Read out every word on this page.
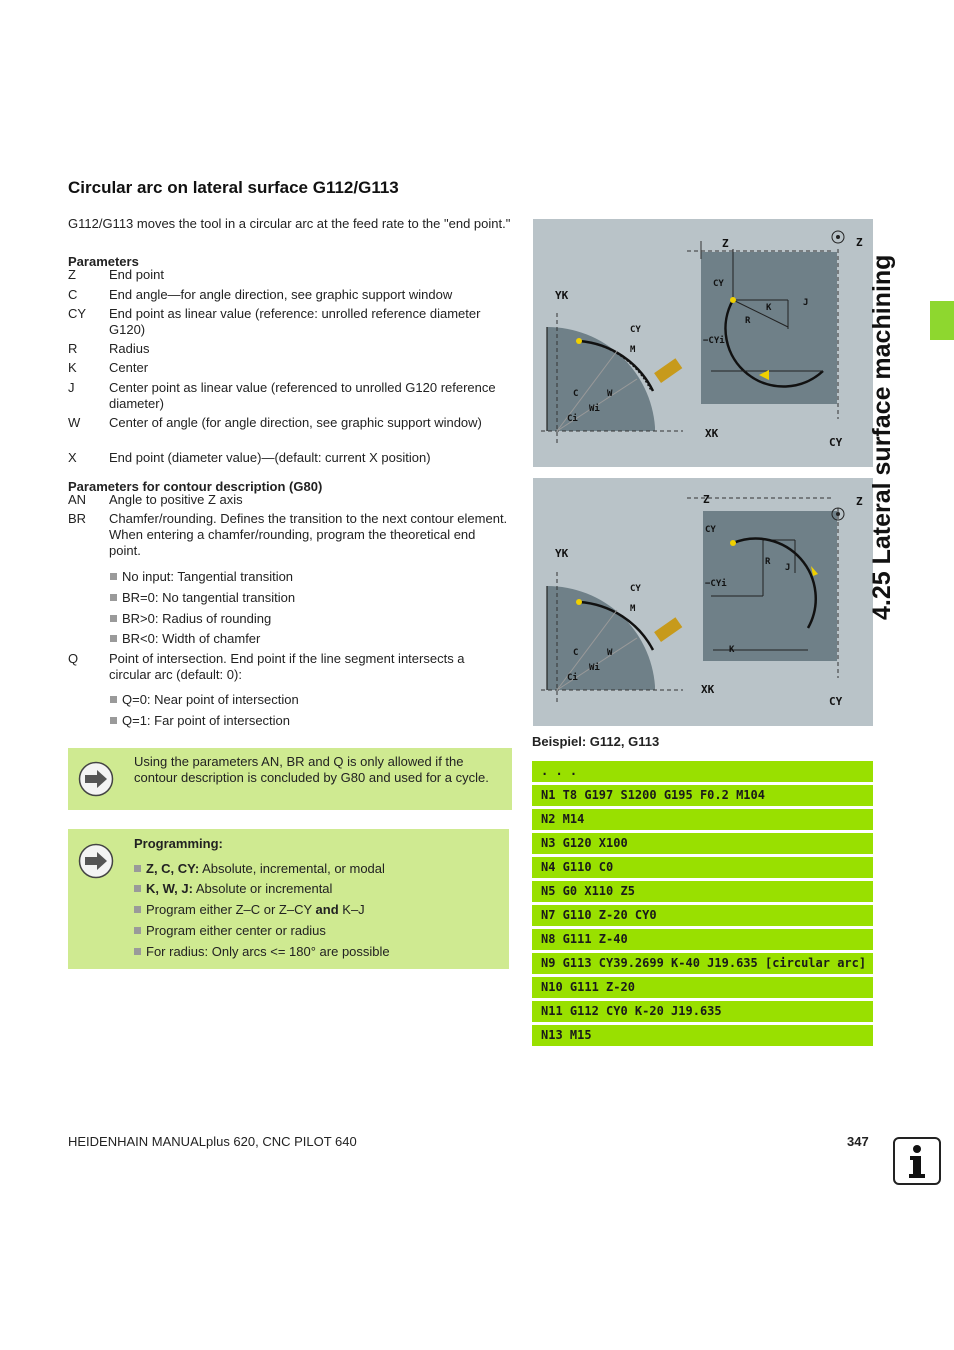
Circular arc on lateral surface G112/G113
G112/G113 moves the tool in a circular arc at the feed rate to the "end point."
Parameters
Z	End point
C End angle—for angle direction, see graphic support window
CY End point as linear value (reference: unrolled reference diameter G120)
R Radius
K Center
J	Center point as linear value (referenced to unrolled G120 reference diameter)
W Center of angle (for angle direction, see graphic support window)
X End point (diameter value)—(default: current X position)
Parameters for contour description (G80)
AN Angle to positive Z axis
BR Chamfer/rounding. Defines the transition to the next contour element. When entering a chamfer/rounding, program the theoretical end point.
Q Point of intersection. End point if the line segment intersects a circular arc (default: 0):
No input: Tangential transition
BR=0: No tangential transition
BR>0: Radius of rounding
BR<0: Width of chamfer
Q=0: Near point of intersection
Q=1: Far point of intersection
Using the parameters AN, BR and Q is only allowed if the contour description is concluded by G80 and used for a cycle.
Programming:
Z, C, CY: Absolute, incremental, or modal
K, W, J: Absolute or incremental
Program either Z–C or Z–CY and K–J
Program either center or radius
For radius: Only arcs <= 180° are possible
Z	Z
YK
XK
CY
CY
−CYi
K	J
R
CY
M
C
Ci
W
Wi
Z	Z
YK
XK
CY
CY
−CYi
K
J
R
CY
M
C
Ci
W
Wi
Beispiel: G112, G113
. . .
N1 T8 G197 S1200 G195 F0.2 M104
N2 M14
N3 G120 X100
N4 G110 C0
N5 G0 X110 Z5
N7 G110 Z-20 CY0
N8 G111 Z-40
N9 G113 CY39.2699 K-40 J19.635 [circular arc]
N10 G111 Z-20
N11 G112 CY0 K-20 J19.635
N13 M15
4.25 Lateral surface machining
HEIDENHAIN MANUALplus 620, CNC PILOT 640	347
